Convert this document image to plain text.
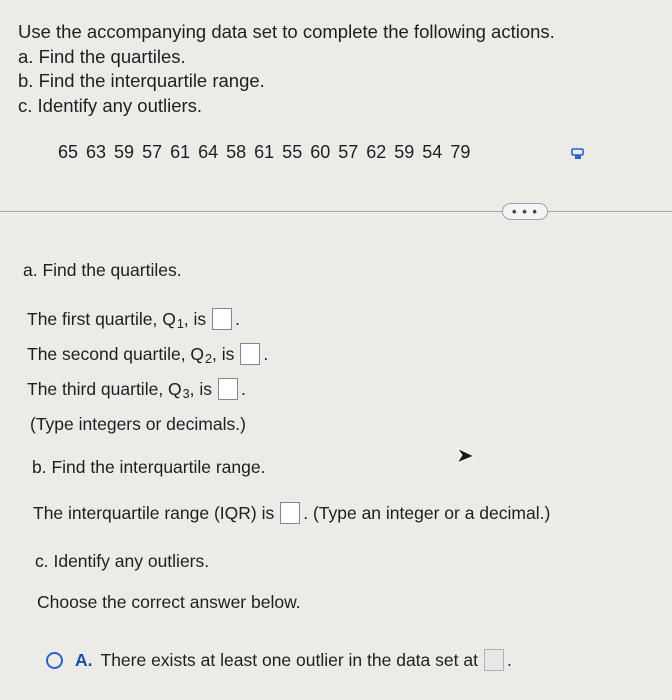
Use the accompanying data set to complete the following actions.
a. Find the quartiles.
b. Find the interquartile range.
c. Identify any outliers.
65 63 59 57 61 64 58 61 55 60 57 62 59 54 79
• • •
a. Find the quartiles.
The first quartile, Q 1 , is .
The second quartile, Q 2 , is .
The third quartile, Q 3 , is .
(Type integers or decimals.)
b. Find the interquartile range.
The interquartile range (IQR) is . (Type an integer or a decimal.)
c. Identify any outliers.
Choose the correct answer below.
A. There exists at least one outlier in the data set at .
